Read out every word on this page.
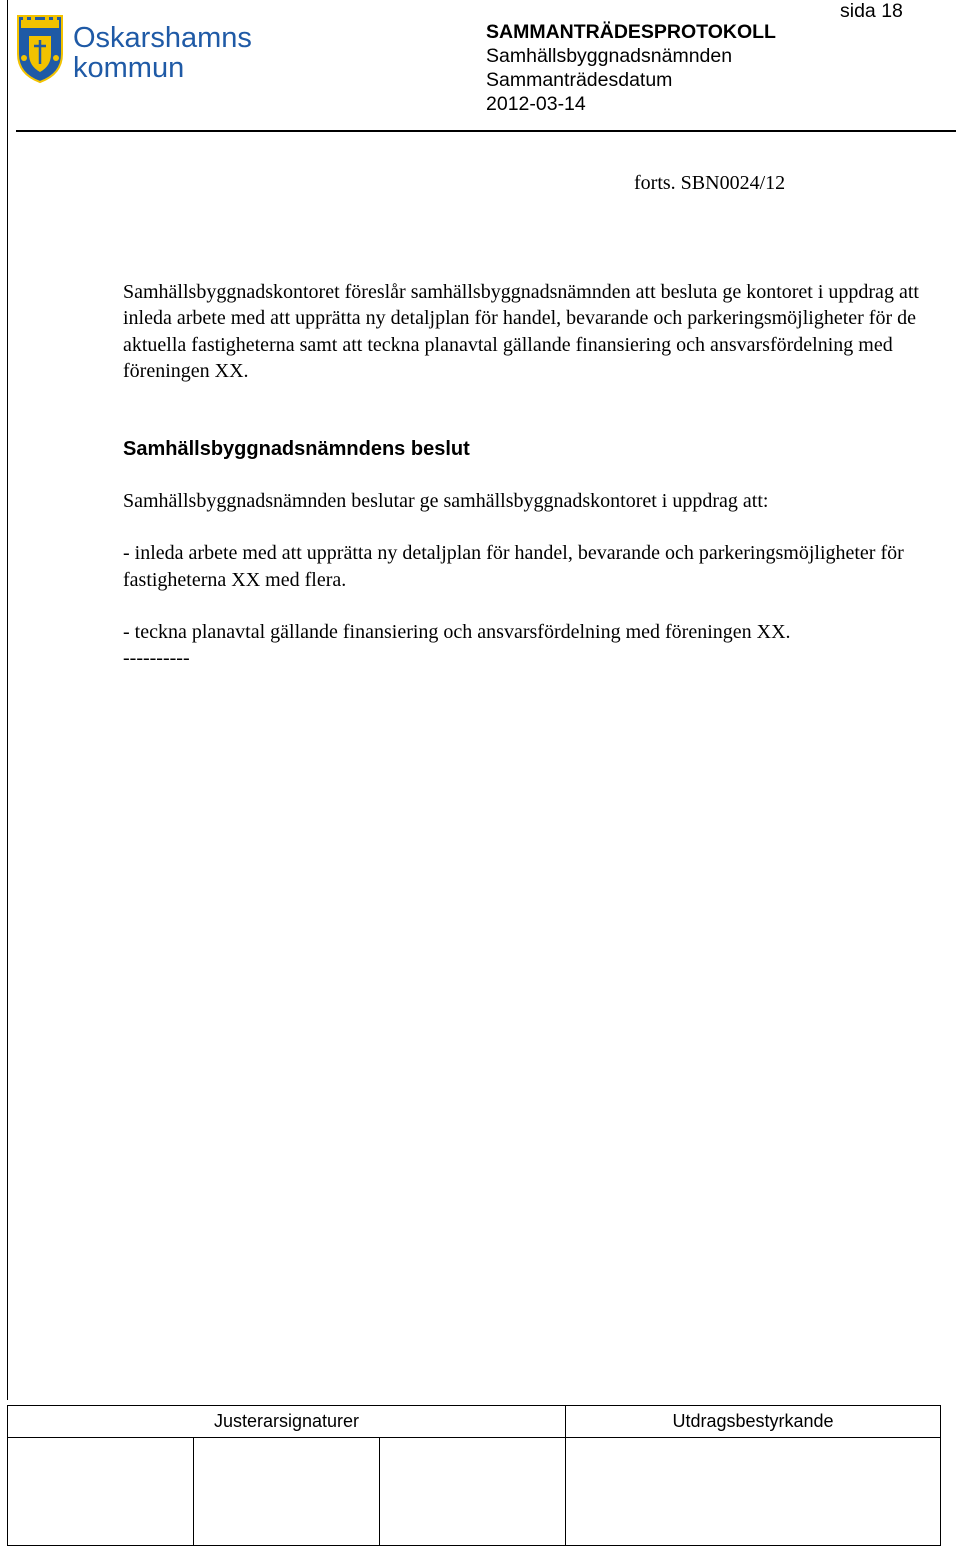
Oskarshamns
kommun
sida 18
SAMMANTRÄDESPROTOKOLL
Samhällsbyggnadsnämnden
Sammanträdesdatum
2012-03-14
forts. SBN0024/12

Samhällsbyggnadskontoret föreslår samhällsbyggnadsnämnden att besluta ge kontoret i uppdrag att inleda arbete med att upprätta ny detaljplan för handel, bevarande och parkeringsmöjligheter för de aktuella fastigheterna samt att teckna planavtal gällande finansiering och ansvarsfördelning med föreningen XX.

Samhällsbyggnadsnämndens beslut

Samhällsbyggnadsnämnden beslutar ge samhällsbyggnadskontoret i uppdrag att:

- inleda arbete med att upprätta ny detaljplan för handel, bevarande och parkeringsmöjligheter för fastigheterna XX med flera.

- teckna planavtal gällande finansiering och ansvarsfördelning med föreningen XX.

----------

Justerarsignaturer			Utdragsbestyrkande
